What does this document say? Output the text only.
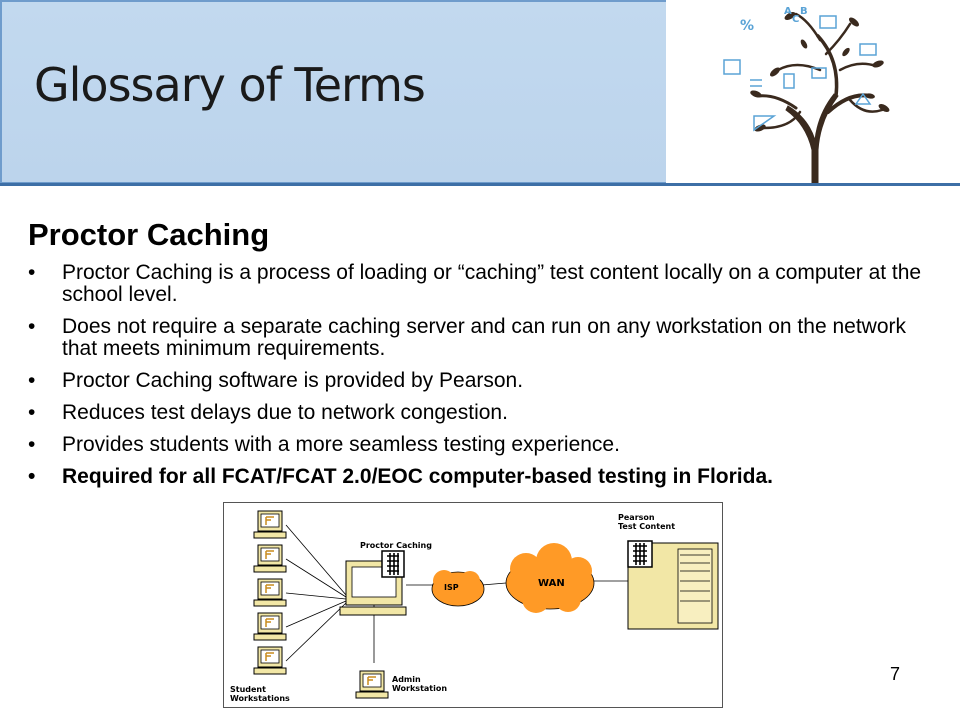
Glossary of Terms
%
A
C
B
Proctor Caching
• Proctor Caching is a process of loading or “caching” test content locally on a computer at the school level.
• Does not require a separate caching server and can run on any workstation on the network that meets minimum requirements.
• Proctor Caching software is provided by Pearson.
• Reduces test delays due to network congestion.
• Provides students with a more seamless testing experience.
• Required for all FCAT/FCAT 2.0/EOC computer-based testing in Florida.
Pearson
Test Content
Proctor Caching
ISP	WAN
Student
Workstations
Admin
Workstation
7
